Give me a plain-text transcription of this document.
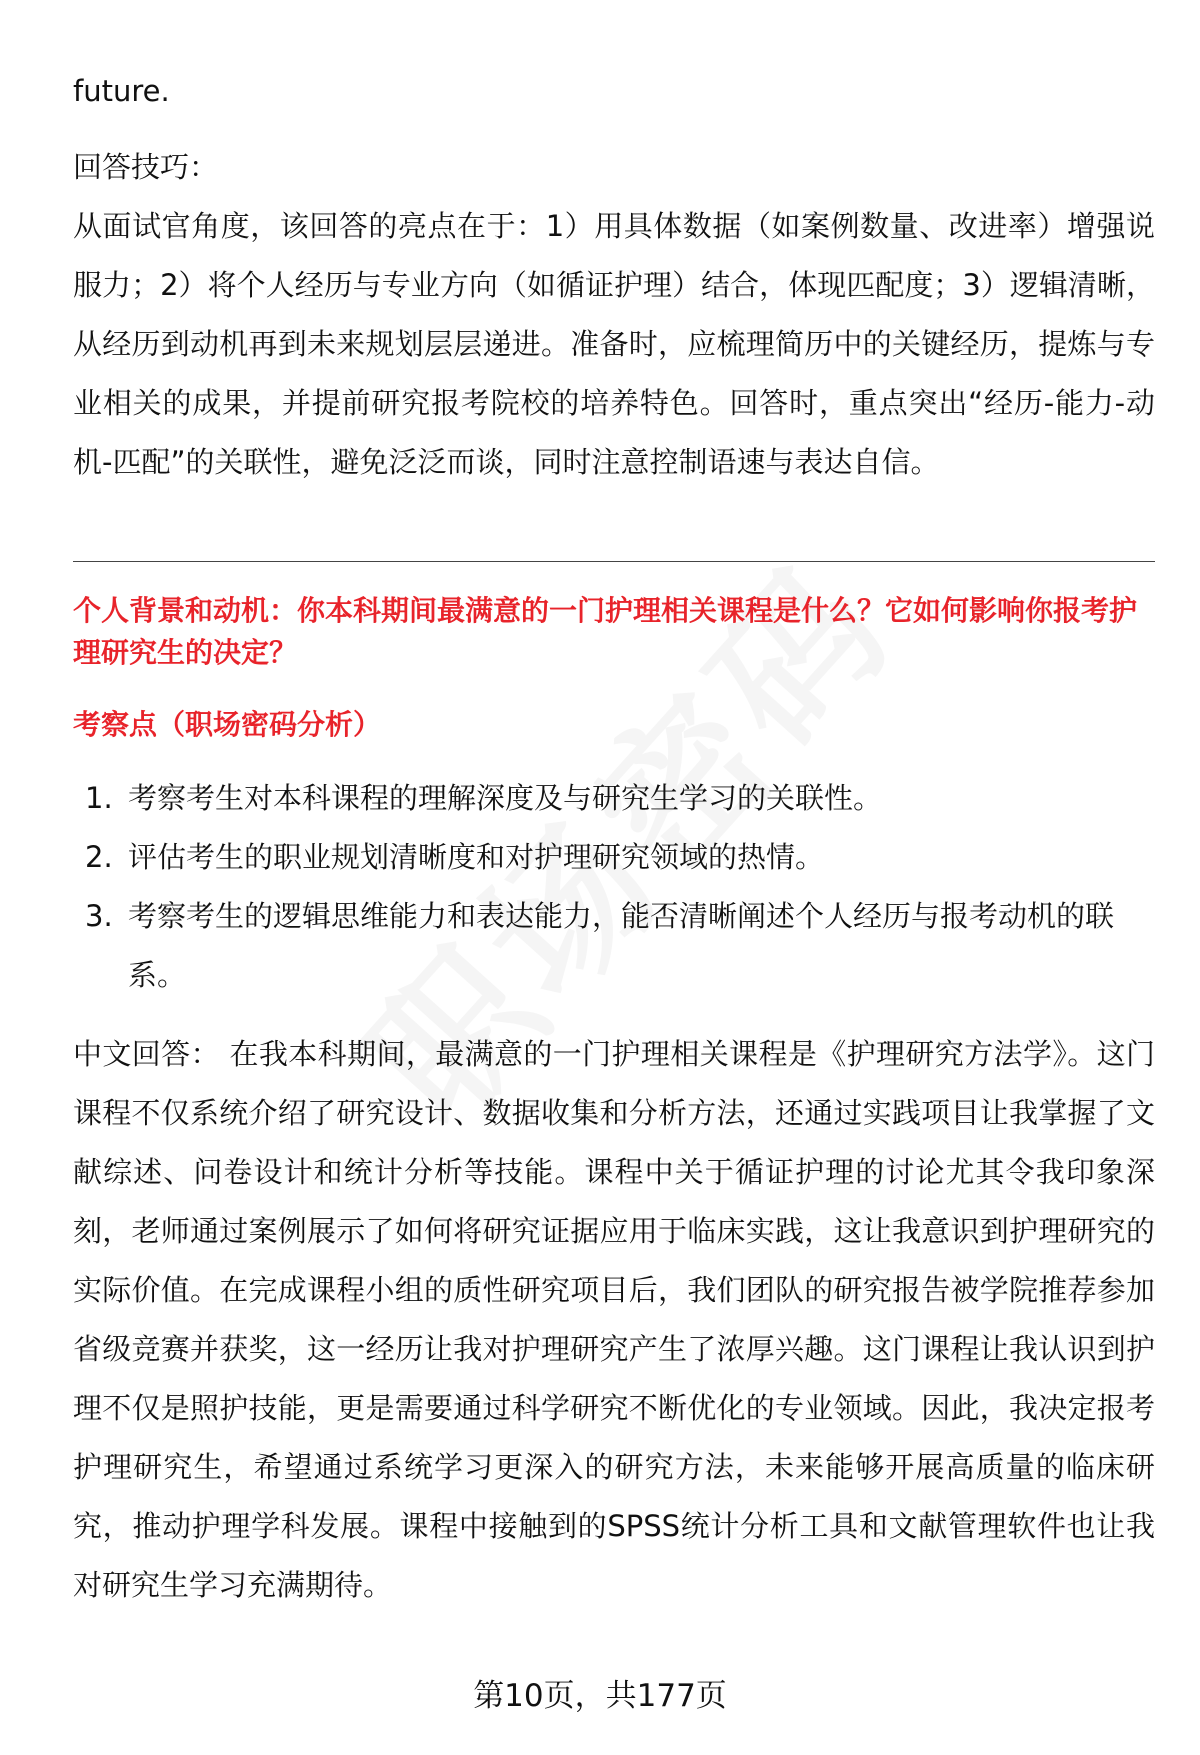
future.

回答技巧：

从面试官角度，该回答的亮点在于：1）用具体数据（如案例数量、改进率）增强说服力；2）将个人经历与专业方向（如循证护理）结合，体现匹配度；3）逻辑清晰，从经历到动机再到未来规划层层递进。准备时，应梳理简历中的关键经历，提炼与专业相关的成果，并提前研究报考院校的培养特色。回答时，重点突出“经历-能力-动机-匹配”的关联性，避免泛泛而谈，同时注意控制语速与表达自信。

个人背景和动机：你本科期间最满意的一门护理相关课程是什么？它如何影响你报考护理研究生的决定？
考察点（职场密码分析）
1. 考察考生对本科课程的理解深度及与研究生学习的关联性。
2. 评估考生的职业规划清晰度和对护理研究领域的热情。
3. 考察考生的逻辑思维能力和表达能力，能否清晰阐述个人经历与报考动机的联系。

中文回答： 在我本科期间，最满意的一门护理相关课程是《护理研究方法学》。这门课程不仅系统介绍了研究设计、数据收集和分析方法，还通过实践项目让我掌握了文献综述、问卷设计和统计分析等技能。课程中关于循证护理的讨论尤其令我印象深刻，老师通过案例展示了如何将研究证据应用于临床实践，这让我意识到护理研究的实际价值。在完成课程小组的质性研究项目后，我们团队的研究报告被学院推荐参加省级竞赛并获奖，这一经历让我对护理研究产生了浓厚兴趣。这门课程让我认识到护理不仅是照护技能，更是需要通过科学研究不断优化的专业领域。因此，我决定报考护理研究生，希望通过系统学习更深入的研究方法，未来能够开展高质量的临床研究，推动护理学科发展。课程中接触到的SPSS统计分析工具和文献管理软件也让我对研究生学习充满期待。

第10页，共177页
